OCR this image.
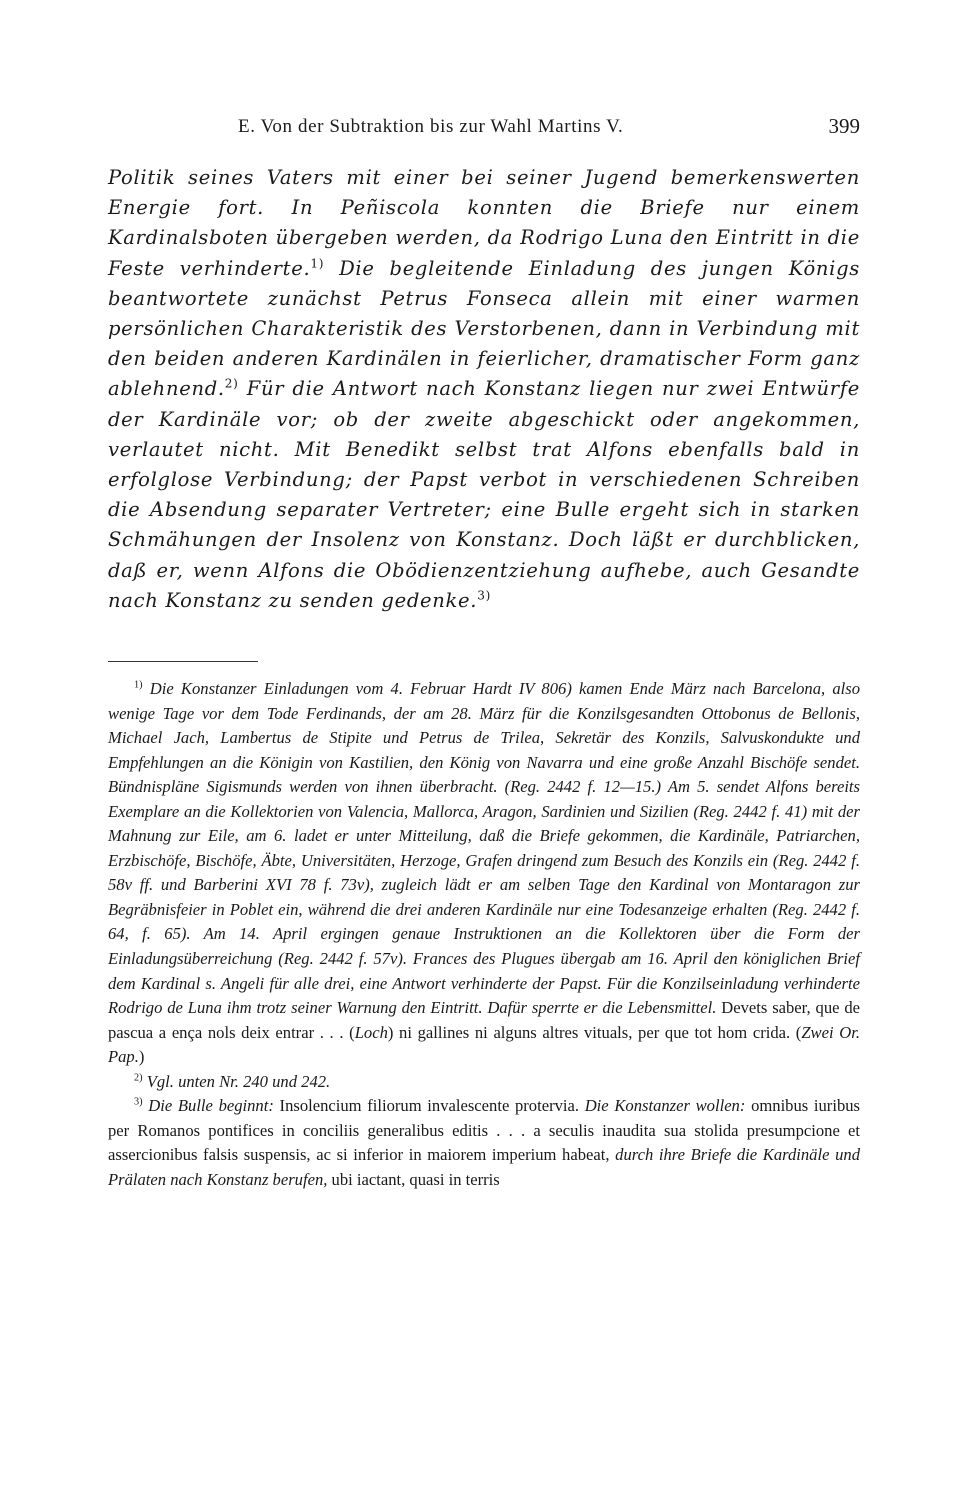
E. Von der Subtraktion bis zur Wahl Martins V.	399

Politik seines Vaters mit einer bei seiner Jugend bemerkenswerten Energie fort. In Peñiscola konnten die Briefe nur einem Kardinalsboten übergeben werden, da Rodrigo Luna den Eintritt in die Feste verhinderte.$^{1)}$ Die begleitende Einladung des jungen Königs beantwortete zunächst Petrus Fonseca allein mit einer warmen persönlichen Charakteristik des Verstorbenen, dann in Verbindung mit den beiden anderen Kardinälen in feierlicher, dramatischer Form ganz ablehnend.$^{2)}$ Für die Antwort nach Konstanz liegen nur zwei Entwürfe der Kardinäle vor; ob der zweite abgeschickt oder angekommen, verlautet nicht. Mit Benedikt selbst trat Alfons ebenfalls bald in erfolglose Verbindung; der Papst verbot in verschiedenen Schreiben die Absendung separater Vertreter; eine Bulle ergeht sich in starken Schmähungen der Insolenz von Konstanz. Doch läßt er durchblicken, daß er, wenn Alfons die Obödienzentziehung aufhebe, auch Gesandte nach Konstanz zu senden gedenke.$^{3)}$

$^{1)}$ Die Konstanzer Einladungen vom 4. Februar Hardt IV 806) kamen Ende März nach Barcelona, also wenige Tage vor dem Tode Ferdinands, der am 28. März für die Konzilsgesandten Ottobonus de Bellonis, Michael Jach, Lambertus de Stipite und Petrus de Trilea, Sekretär des Konzils, Salvuskondukte und Empfehlungen an die Königin von Kastilien, den König von Navarra und eine große Anzahl Bischöfe sendet. Bündnispläne Sigismunds werden von ihnen überbracht. (Reg. 2442 f. 12—15.) Am 5. sendet Alfons bereits Exemplare an die Kollektorien von Valencia, Mallorca, Aragon, Sardinien und Sizilien (Reg. 2442 f. 41) mit der Mahnung zur Eile, am 6. ladet er unter Mitteilung, daß die Briefe gekommen, die Kardinäle, Patriarchen, Erzbischöfe, Bischöfe, Äbte, Universitäten, Herzoge, Grafen dringend zum Besuch des Konzils ein (Reg. 2442 f. 58v ff. und Barberini XVI 78 f. 73v), zugleich lädt er am selben Tage den Kardinal von Montaragon zur Begräbnisfeier in Poblet ein, während die drei anderen Kardinäle nur eine Todesanzeige erhalten (Reg. 2442 f. 64, f. 65). Am 14. April ergingen genaue Instruktionen an die Kollektoren über die Form der Einladungsüberreichung (Reg. 2442 f. 57v). Frances des Plugues übergab am 16. April den königlichen Brief dem Kardinal s. Angeli für alle drei, eine Antwort verhinderte der Papst. Für die Konzilseinladung verhinderte Rodrigo de Luna ihm trotz seiner Warnung den Eintritt. Dafür sperrte er die Lebensmittel. Devets saber, que de pascua a ença nols deix entrar . . . (Loch) ni gallines ni alguns altres vituals, per que tot hom crida. (Zwei Or. Pap.)

$^{2)}$ Vgl. unten Nr. 240 und 242.

$^{3)}$ Die Bulle beginnt: Insolencium filiorum invalescente protervia. Die Konstanzer wollen: omnibus iuribus per Romanos pontifices in conciliis generalibus editis . . . a seculis inaudita sua stolida presumpcione et assercionibus falsis suspensis, ac si inferior in maiorem imperium habeat, durch ihre Briefe die Kardinäle und Prälaten nach Konstanz berufen, ubi iactant, quasi in terris
